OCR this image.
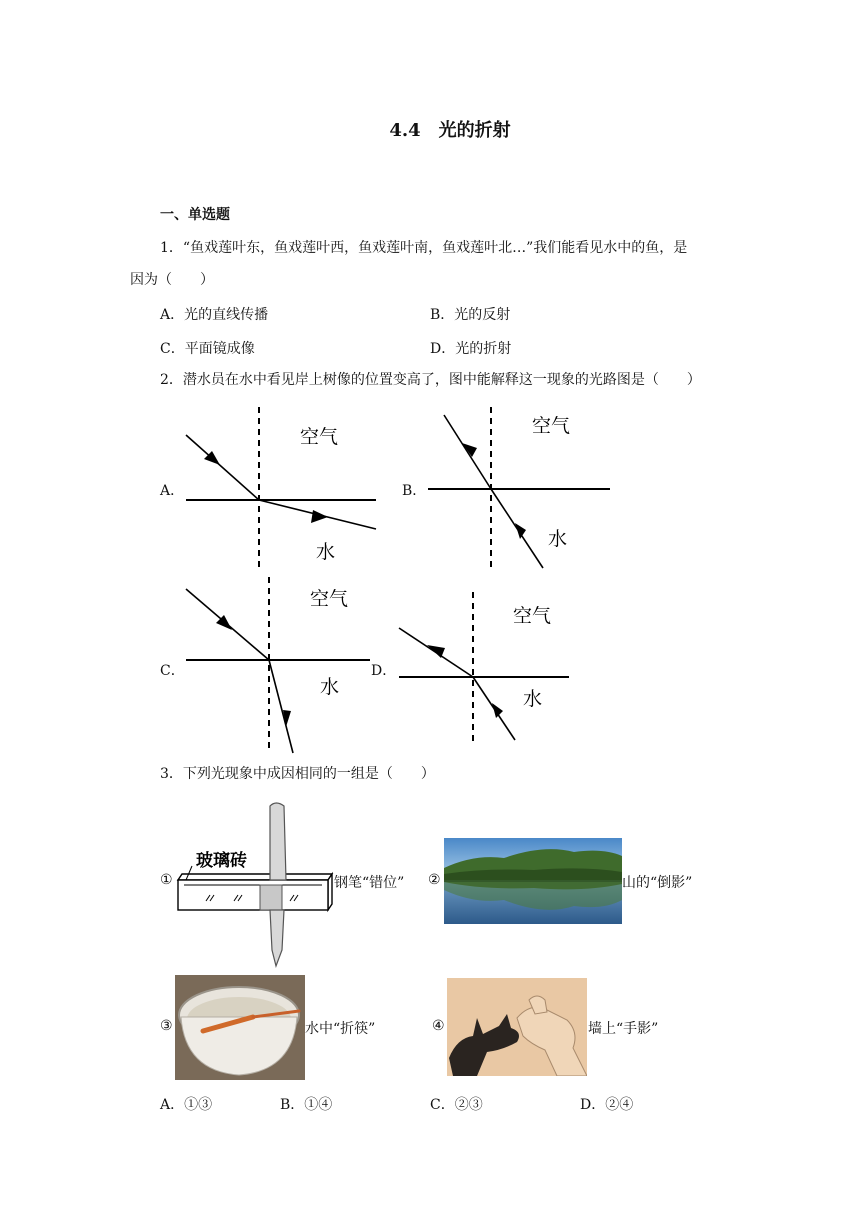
4.4　光的折射
一、单选题
1．“鱼戏莲叶东，鱼戏莲叶西，鱼戏莲叶南，鱼戏莲叶北…”我们能看见水中的鱼，是
因为（　　）
A．光的直线传播	B．光的反射
C．平面镜成像	D．光的折射
2．潜水员在水中看见岸上树像的位置变高了，图中能解释这一现象的光路图是（　　）
A．	B．
C．	D．
空气
水
空气
水
空气
水
空气
水
3．下列光现象中成因相同的一组是（　　）
①
玻璃砖
钢笔“错位” ②	山的“倒影”
③	水中“折筷”	④	墙上“手影”
A．①③	B．①④	C．②③	D．②④
